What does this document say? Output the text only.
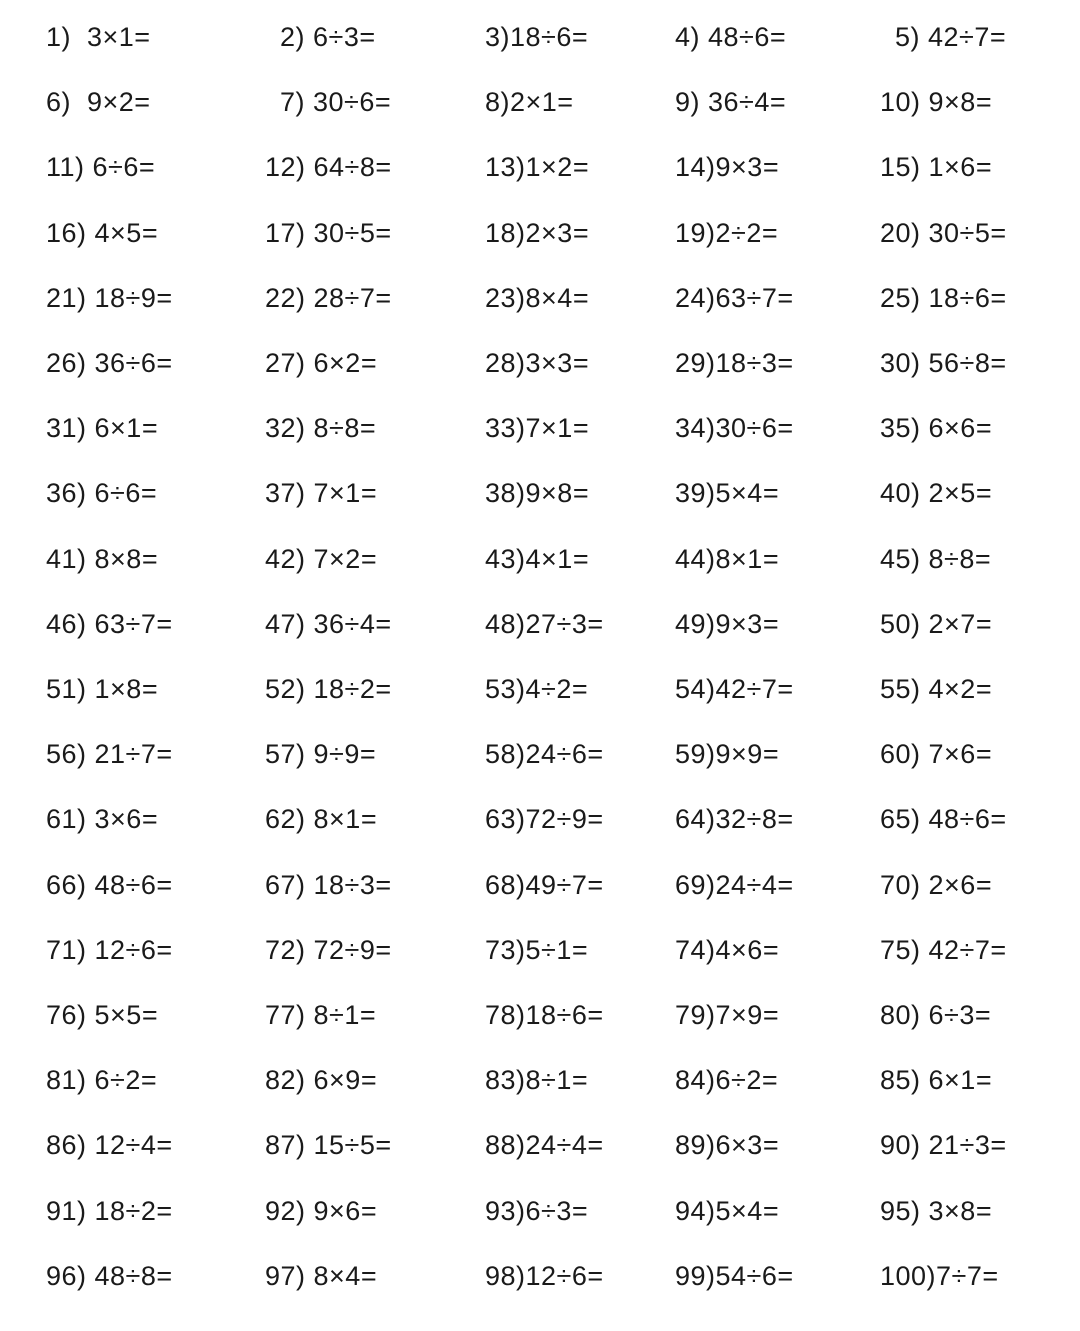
1)  3×1=	2) 6÷3=	3)18÷6=	4) 48÷6=	5) 42÷7=
6)  9×2=	7) 30÷6=	8)2×1=	9) 36÷4=	10) 9×8=
11) 6÷6=	12) 64÷8=	13)1×2=	14)9×3=	15) 1×6=
16) 4×5=	17) 30÷5=	18)2×3=	19)2÷2=	20) 30÷5=
21) 18÷9=	22) 28÷7=	23)8×4=	24)63÷7=	25) 18÷6=
26) 36÷6=	27) 6×2=	28)3×3=	29)18÷3=	30) 56÷8=
31) 6×1=	32) 8÷8=	33)7×1=	34)30÷6=	35) 6×6=
36) 6÷6=	37) 7×1=	38)9×8=	39)5×4=	40) 2×5=
41) 8×8=	42) 7×2=	43)4×1=	44)8×1=	45) 8÷8=
46) 63÷7=	47) 36÷4=	48)27÷3=	49)9×3=	50) 2×7=
51) 1×8=	52) 18÷2=	53)4÷2=	54)42÷7=	55) 4×2=
56) 21÷7=	57) 9÷9=	58)24÷6=	59)9×9=	60) 7×6=
61) 3×6=	62) 8×1=	63)72÷9=	64)32÷8=	65) 48÷6=
66) 48÷6=	67) 18÷3=	68)49÷7=	69)24÷4=	70) 2×6=
71) 12÷6=	72) 72÷9=	73)5÷1=	74)4×6=	75) 42÷7=
76) 5×5=	77) 8÷1=	78)18÷6=	79)7×9=	80) 6÷3=
81) 6÷2=	82) 6×9=	83)8÷1=	84)6÷2=	85) 6×1=
86) 12÷4=	87) 15÷5=	88)24÷4=	89)6×3=	90) 21÷3=
91) 18÷2=	92) 9×6=	93)6÷3=	94)5×4=	95) 3×8=
96) 48÷8=	97) 8×4=	98)12÷6=	99)54÷6=	100)7÷7=
